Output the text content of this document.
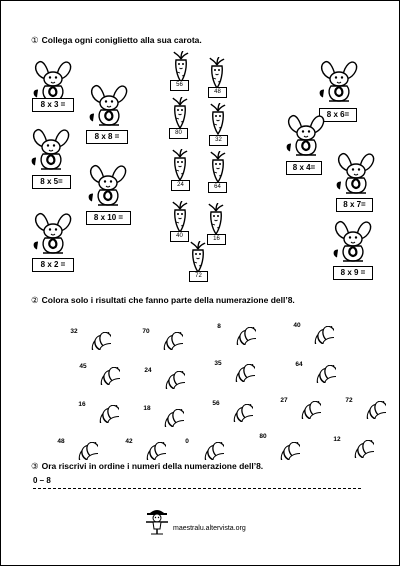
① Collega ogni coniglietto alla sua carota.
8 x 3 =
8 x 8 =
8 x 5=
8 x 10 =
8 x 2 =
8 x 6=
8 x 4=
8 x 7=
8 x 9 =
56
48
80
32
24	64
40	16
72
② Colora solo i risultati che fanno parte della numerazione dell’8.
32	70
8	40
45
24
35	64
16
18
56	27	72
48	42	0
80	12
③ Ora riscrivi in ordine i numeri della numerazione dell’8.
0 – 8
maestralu.altervista.org
